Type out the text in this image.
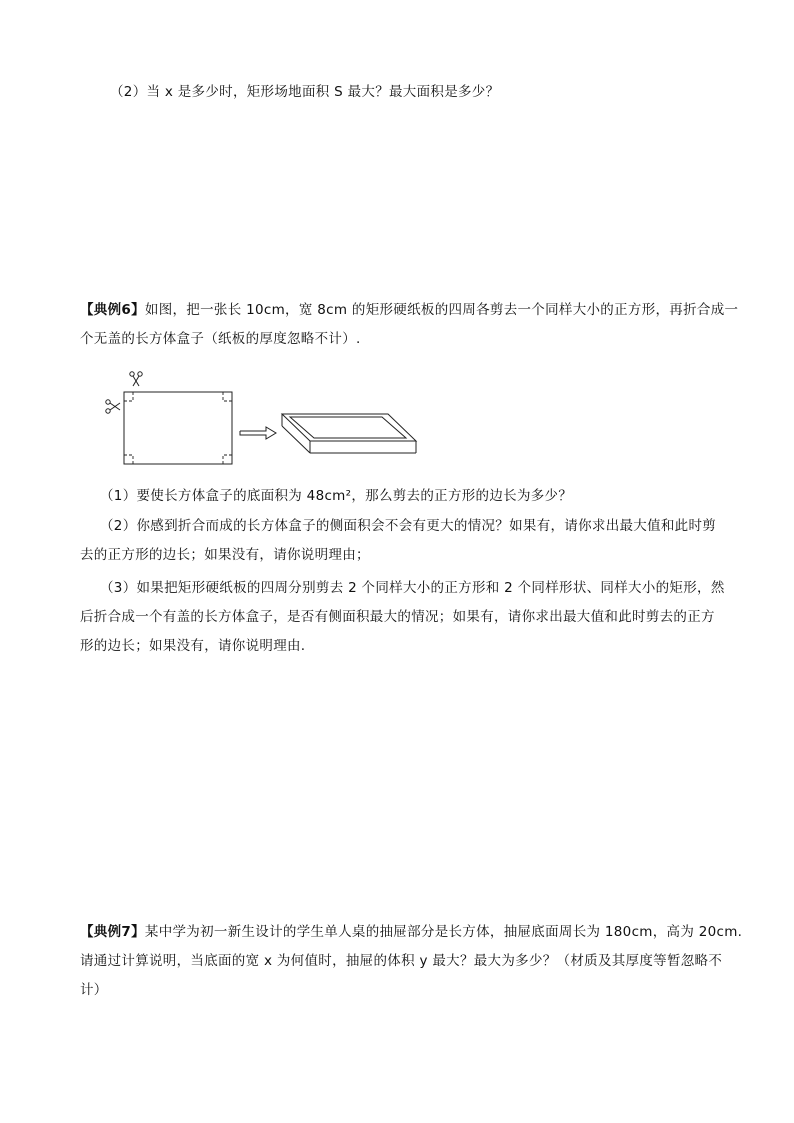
（2）当 x 是多少时，矩形场地面积 S 最大？最大面积是多少？
【典例6】如图，把一张长 10cm，宽 8cm 的矩形硬纸板的四周各剪去一个同样大小的正方形，再折合成一
个无盖的长方体盒子（纸板的厚度忽略不计）.
（1）要使长方体盒子的底面积为 48cm²，那么剪去的正方形的边长为多少？
（2）你感到折合而成的长方体盒子的侧面积会不会有更大的情况？如果有，请你求出最大值和此时剪
去的正方形的边长；如果没有，请你说明理由；
（3）如果把矩形硬纸板的四周分别剪去 2 个同样大小的正方形和 2 个同样形状、同样大小的矩形，然
后折合成一个有盖的长方体盒子，是否有侧面积最大的情况；如果有，请你求出最大值和此时剪去的正方
形的边长；如果没有，请你说明理由.
【典例7】某中学为初一新生设计的学生单人桌的抽屉部分是长方体，抽屉底面周长为 180cm，高为 20cm.
请通过计算说明，当底面的宽 x 为何值时，抽屉的体积 y 最大？最大为多少？（材质及其厚度等暂忽略不
计）
